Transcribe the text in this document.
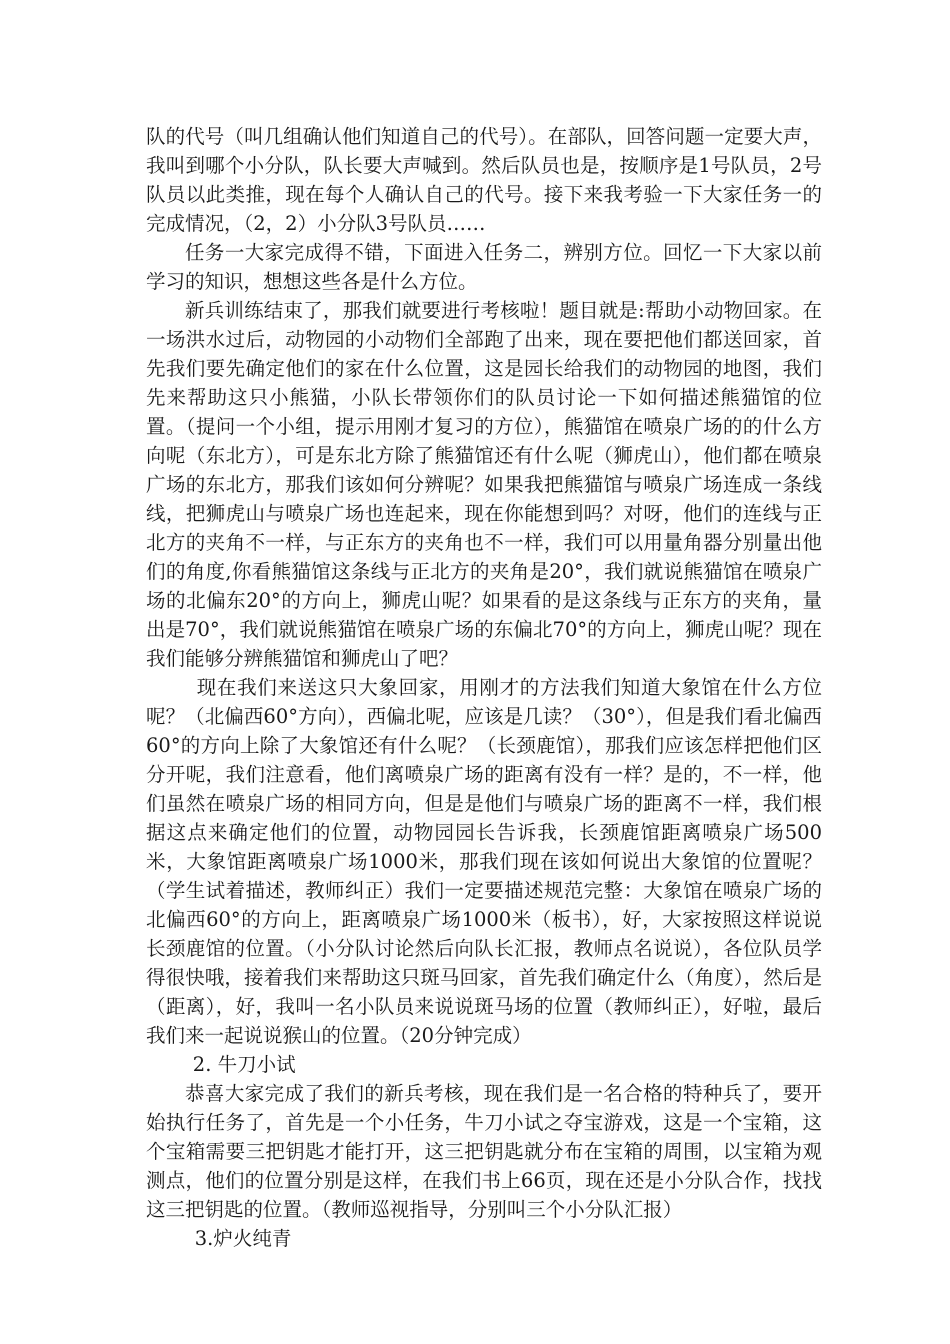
队的代号（叫几组确认他们知道自己的代号）。在部队，回答问题一定要大声，我叫到哪个小分队，队长要大声喊到。然后队员也是，按顺序是1号队员，2号队员以此类推，现在每个人确认自己的代号。接下来我考验一下大家任务一的完成情况，（2，2）小分队3号队员……

任务一大家完成得不错，下面进入任务二，辨别方位。回忆一下大家以前学习的知识，想想这些各是什么方位。

新兵训练结束了，那我们就要进行考核啦！题目就是:帮助小动物回家。在一场洪水过后，动物园的小动物们全部跑了出来，现在要把他们都送回家，首先我们要先确定他们的家在什么位置，这是园长给我们的动物园的地图，我们先来帮助这只小熊猫，小队长带领你们的队员讨论一下如何描述熊猫馆的位置。（提问一个小组，提示用刚才复习的方位），熊猫馆在喷泉广场的的什么方向呢（东北方），可是东北方除了熊猫馆还有什么呢（狮虎山），他们都在喷泉广场的东北方，那我们该如何分辨呢？如果我把熊猫馆与喷泉广场连成一条线线，把狮虎山与喷泉广场也连起来，现在你能想到吗？对呀，他们的连线与正北方的夹角不一样，与正东方的夹角也不一样，我们可以用量角器分别量出他们的角度,你看熊猫馆这条线与正北方的夹角是20°，我们就说熊猫馆在喷泉广场的北偏东20°的方向上，狮虎山呢？如果看的是这条线与正东方的夹角，量出是70°，我们就说熊猫馆在喷泉广场的东偏北70°的方向上，狮虎山呢？现在我们能够分辨熊猫馆和狮虎山了吧？

现在我们来送这只大象回家，用刚才的方法我们知道大象馆在什么方位呢？（北偏西60°方向），西偏北呢，应该是几读？（30°），但是我们看北偏西60°的方向上除了大象馆还有什么呢？（长颈鹿馆），那我们应该怎样把他们区分开呢，我们注意看，他们离喷泉广场的距离有没有一样？是的，不一样，他们虽然在喷泉广场的相同方向，但是是他们与喷泉广场的距离不一样，我们根据这点来确定他们的位置，动物园园长告诉我，长颈鹿馆距离喷泉广场500米，大象馆距离喷泉广场1000米，那我们现在该如何说出大象馆的位置呢？（学生试着描述，教师纠正）我们一定要描述规范完整：大象馆在喷泉广场的北偏西60°的方向上，距离喷泉广场1000米（板书），好，大家按照这样说说长颈鹿馆的位置。（小分队讨论然后向队长汇报，教师点名说说），各位队员学得很快哦，接着我们来帮助这只斑马回家，首先我们确定什么（角度），然后是（距离），好，我叫一名小队员来说说斑马场的位置（教师纠正），好啦，最后我们来一起说说猴山的位置。（20分钟完成）

2. 牛刀小试

恭喜大家完成了我们的新兵考核，现在我们是一名合格的特种兵了，要开始执行任务了，首先是一个小任务，牛刀小试之夺宝游戏，这是一个宝箱，这个宝箱需要三把钥匙才能打开，这三把钥匙就分布在宝箱的周围，以宝箱为观测点，他们的位置分别是这样，在我们书上66页，现在还是小分队合作，找找这三把钥匙的位置。（教师巡视指导，分别叫三个小分队汇报）

3.炉火纯青
